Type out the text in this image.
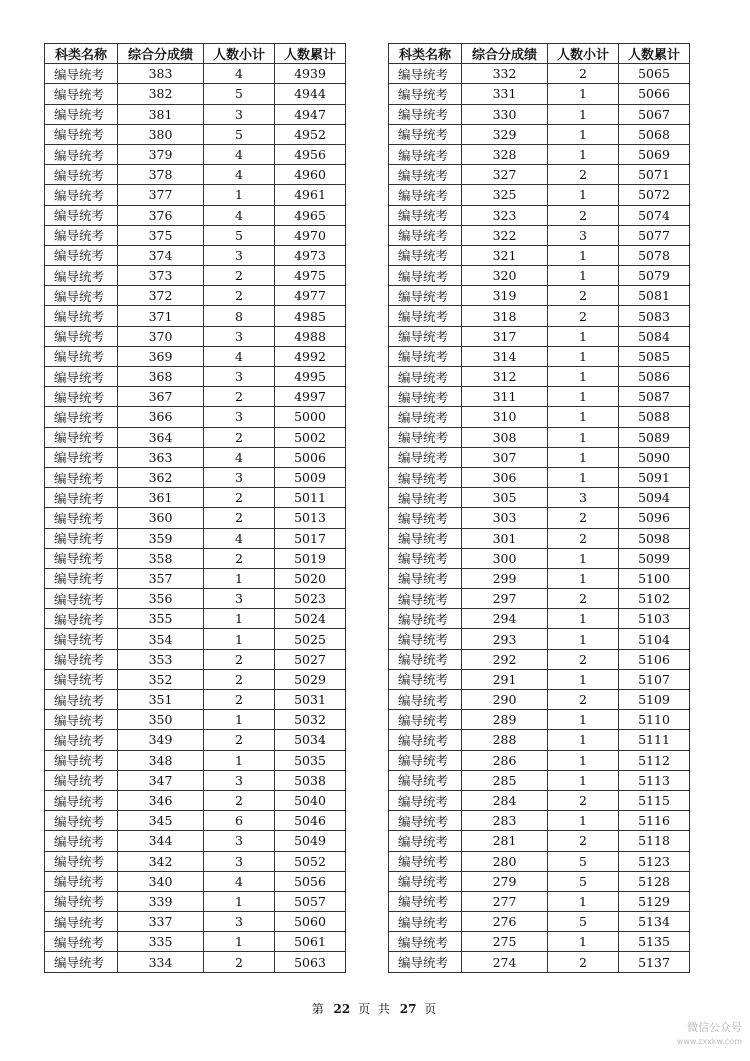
科类名称	综合分成绩	人数小计	人数累计
编导统考	383	4	4939
编导统考	382	5	4944
编导统考	381	3	4947
编导统考	380	5	4952
编导统考	379	4	4956
编导统考	378	4	4960
编导统考	377	1	4961
编导统考	376	4	4965
编导统考	375	5	4970
编导统考	374	3	4973
编导统考	373	2	4975
编导统考	372	2	4977
编导统考	371	8	4985
编导统考	370	3	4988
编导统考	369	4	4992
编导统考	368	3	4995
编导统考	367	2	4997
编导统考	366	3	5000
编导统考	364	2	5002
编导统考	363	4	5006
编导统考	362	3	5009
编导统考	361	2	5011
编导统考	360	2	5013
编导统考	359	4	5017
编导统考	358	2	5019
编导统考	357	1	5020
编导统考	356	3	5023
编导统考	355	1	5024
编导统考	354	1	5025
编导统考	353	2	5027
编导统考	352	2	5029
编导统考	351	2	5031
编导统考	350	1	5032
编导统考	349	2	5034
编导统考	348	1	5035
编导统考	347	3	5038
编导统考	346	2	5040
编导统考	345	6	5046
编导统考	344	3	5049
编导统考	342	3	5052
编导统考	340	4	5056
编导统考	339	1	5057
编导统考	337	3	5060
编导统考	335	1	5061
编导统考	334	2	5063
科类名称	综合分成绩	人数小计	人数累计
编导统考	332	2	5065
编导统考	331	1	5066
编导统考	330	1	5067
编导统考	329	1	5068
编导统考	328	1	5069
编导统考	327	2	5071
编导统考	325	1	5072
编导统考	323	2	5074
编导统考	322	3	5077
编导统考	321	1	5078
编导统考	320	1	5079
编导统考	319	2	5081
编导统考	318	2	5083
编导统考	317	1	5084
编导统考	314	1	5085
编导统考	312	1	5086
编导统考	311	1	5087
编导统考	310	1	5088
编导统考	308	1	5089
编导统考	307	1	5090
编导统考	306	1	5091
编导统考	305	3	5094
编导统考	303	2	5096
编导统考	301	2	5098
编导统考	300	1	5099
编导统考	299	1	5100
编导统考	297	2	5102
编导统考	294	1	5103
编导统考	293	1	5104
编导统考	292	2	5106
编导统考	291	1	5107
编导统考	290	2	5109
编导统考	289	1	5110
编导统考	288	1	5111
编导统考	286	1	5112
编导统考	285	1	5113
编导统考	284	2	5115
编导统考	283	1	5116
编导统考	281	2	5118
编导统考	280	5	5123
编导统考	279	5	5128
编导统考	277	1	5129
编导统考	276	5	5134
编导统考	275	1	5135
编导统考	274	2	5137
第 22 页 共 27 页
微信公众号
www.zxxkw.com
